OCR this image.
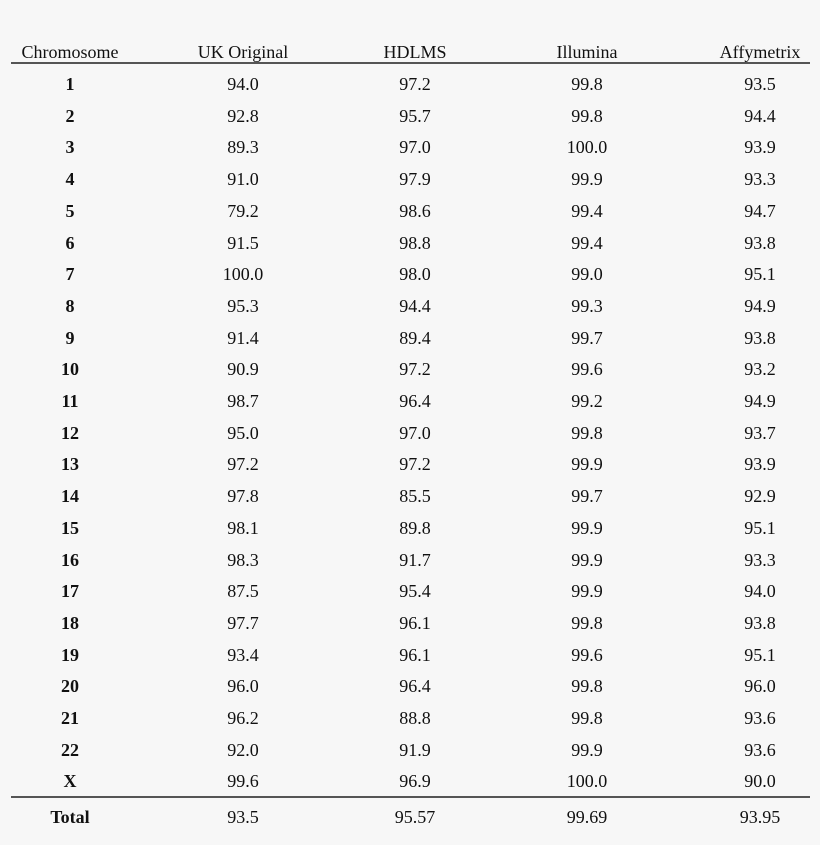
Chromosome	UK Original	HDLMS	Illumina	Affymetrix
1	94.0	97.2	99.8	93.5
2	92.8	95.7	99.8	94.4
3	89.3	97.0	100.0	93.9
4	91.0	97.9	99.9	93.3
5	79.2	98.6	99.4	94.7
6	91.5	98.8	99.4	93.8
7	100.0	98.0	99.0	95.1
8	95.3	94.4	99.3	94.9
9	91.4	89.4	99.7	93.8
10	90.9	97.2	99.6	93.2
11	98.7	96.4	99.2	94.9
12	95.0	97.0	99.8	93.7
13	97.2	97.2	99.9	93.9
14	97.8	85.5	99.7	92.9
15	98.1	89.8	99.9	95.1
16	98.3	91.7	99.9	93.3
17	87.5	95.4	99.9	94.0
18	97.7	96.1	99.8	93.8
19	93.4	96.1	99.6	95.1
20	96.0	96.4	99.8	96.0
21	96.2	88.8	99.8	93.6
22	92.0	91.9	99.9	93.6
X	99.6	96.9	100.0	90.0
Total	93.5	95.57	99.69	93.95
